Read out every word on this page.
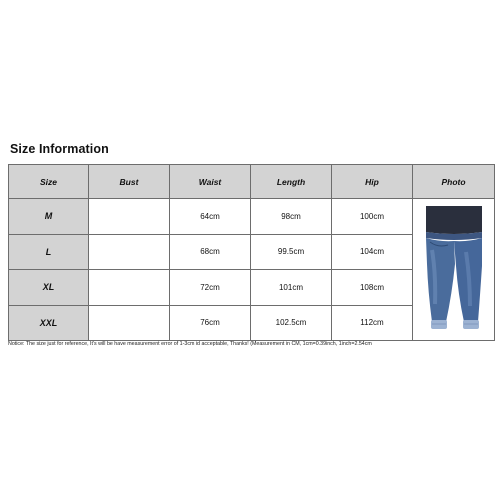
Size Information
Size	Bust	Waist	Length	Hip	Photo
M		64cm	98cm	100cm	

L		68cm	99.5cm	104cm	
XL		72cm	101cm	108cm	
XXL		76cm	102.5cm	112cm	
Notice: The size just for reference, It's will be have measurement error of 1-3cm id acceptable, Thanks! (Measurement in CM, 1cm=0.39inch, 1inch=2.54cm
